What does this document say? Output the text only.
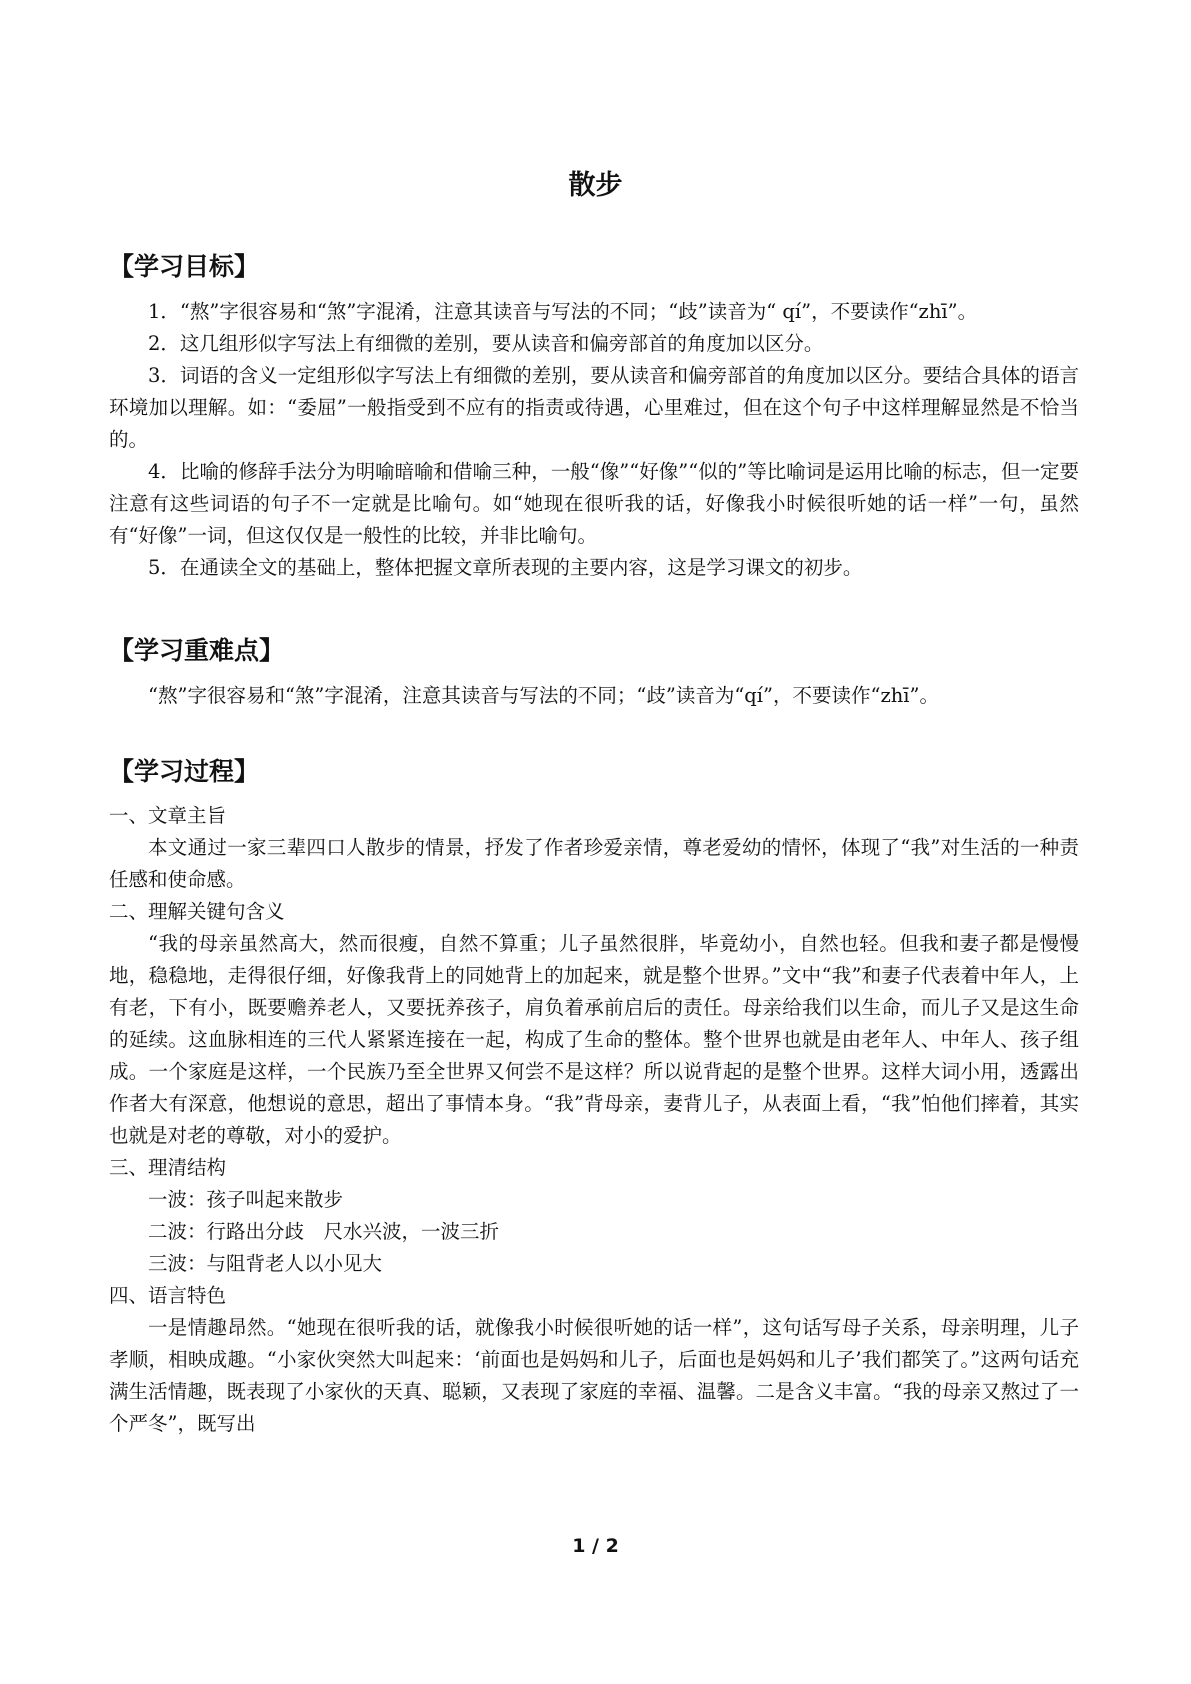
散步
【学习目标】

1．“熬”字很容易和“煞”字混淆，注意其读音与写法的不同；“歧”读音为“ qí”，不要读作“zhī”。

2．这几组形似字写法上有细微的差别，要从读音和偏旁部首的角度加以区分。

3．词语的含义一定组形似字写法上有细微的差别，要从读音和偏旁部首的角度加以区分。要结合具体的语言环境加以理解。如：“委屈”一般指受到不应有的指责或待遇，心里难过，但在这个句子中这样理解显然是不恰当的。

4．比喻的修辞手法分为明喻暗喻和借喻三种，一般“像”“好像”“似的”等比喻词是运用比喻的标志，但一定要注意有这些词语的句子不一定就是比喻句。如“她现在很听我的话，好像我小时候很听她的话一样”一句，虽然有“好像”一词，但这仅仅是一般性的比较，并非比喻句。

5．在通读全文的基础上，整体把握文章所表现的主要内容，这是学习课文的初步。

【学习重难点】

“熬”字很容易和“煞”字混淆，注意其读音与写法的不同；“歧”读音为“qí”，不要读作“zhī”。

【学习过程】

一、文章主旨

本文通过一家三辈四口人散步的情景，抒发了作者珍爱亲情，尊老爱幼的情怀，体现了“我”对生活的一种责任感和使命感。

二、理解关键句含义

“我的母亲虽然高大，然而很瘦，自然不算重；儿子虽然很胖，毕竟幼小，自然也轻。但我和妻子都是慢慢地，稳稳地，走得很仔细，好像我背上的同她背上的加起来，就是整个世界。”文中“我”和妻子代表着中年人，上有老，下有小，既要赡养老人，又要抚养孩子，肩负着承前启后的责任。母亲给我们以生命，而儿子又是这生命的延续。这血脉相连的三代人紧紧连接在一起，构成了生命的整体。整个世界也就是由老年人、中年人、孩子组成。一个家庭是这样，一个民族乃至全世界又何尝不是这样？所以说背起的是整个世界。这样大词小用，透露出作者大有深意，他想说的意思，超出了事情本身。“我”背母亲，妻背儿子，从表面上看，“我”怕他们摔着，其实也就是对老的尊敬，对小的爱护。

三、理清结构

一波：孩子叫起来散步

二波：行路出分歧　尺水兴波，一波三折

三波：与阻背老人以小见大

四、语言特色

一是情趣昂然。“她现在很听我的话，就像我小时候很听她的话一样”，这句话写母子关系，母亲明理，儿子孝顺，相映成趣。“小家伙突然大叫起来：‘前面也是妈妈和儿子，后面也是妈妈和儿子’我们都笑了。”这两句话充满生活情趣，既表现了小家伙的天真、聪颖，又表现了家庭的幸福、温馨。二是含义丰富。“我的母亲又熬过了一个严冬”，既写出

1 / 2
